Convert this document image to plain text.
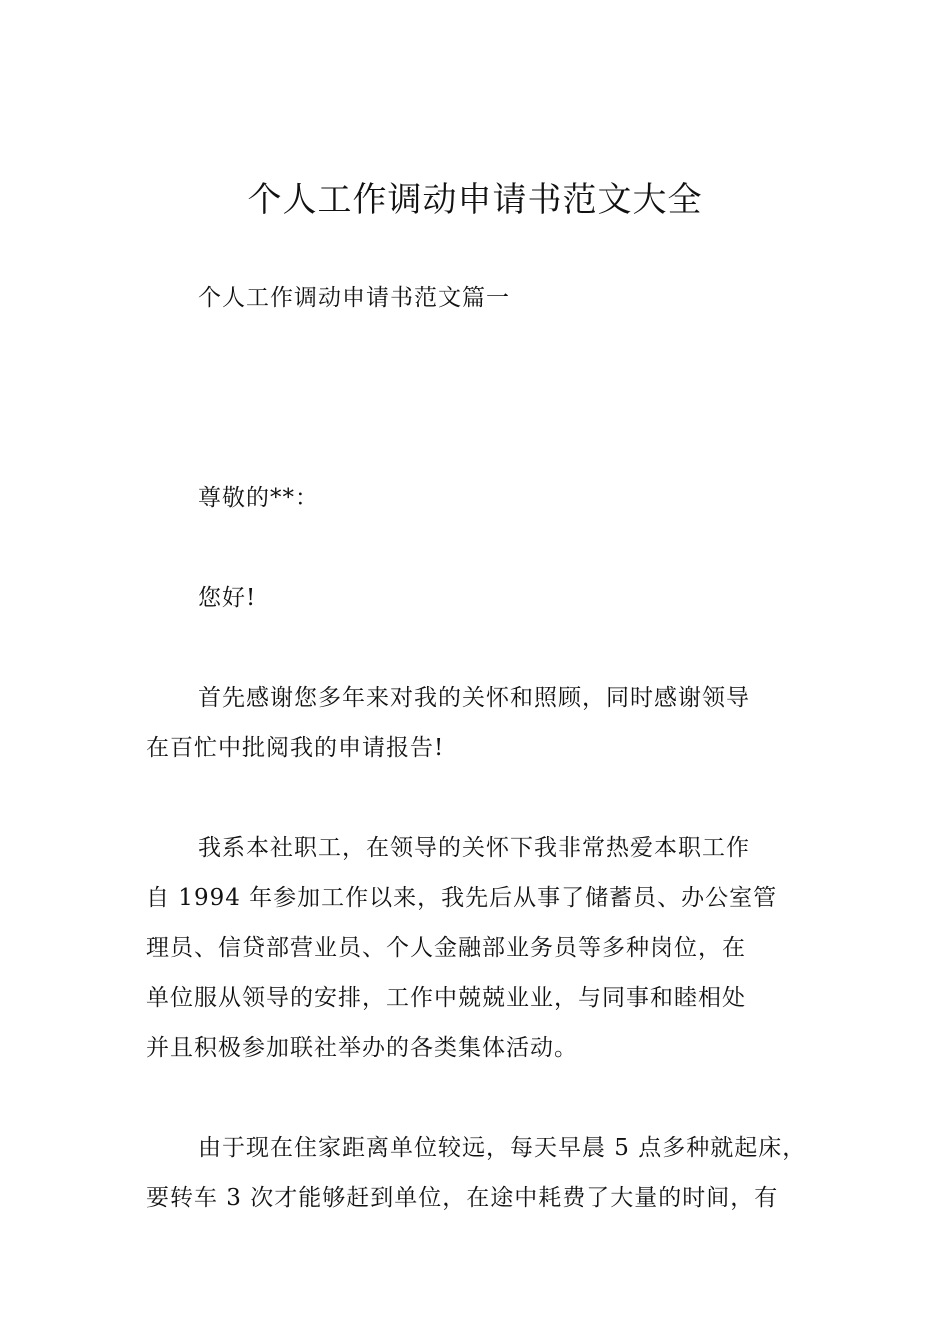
个人工作调动申请书范文大全
个人工作调动申请书范文篇一
尊敬的**：
您好!
首先感谢您多年来对我的关怀和照顾，同时感谢领导
在百忙中批阅我的申请报告!
我系本社职工，在领导的关怀下我非常热爱本职工作
自 1994 年参加工作以来，我先后从事了储蓄员、办公室管
理员、信贷部营业员、个人金融部业务员等多种岗位，在
单位服从领导的安排，工作中兢兢业业，与同事和睦相处
并且积极参加联社举办的各类集体活动。
由于现在住家距离单位较远，每天早晨 5 点多种就起床，
要转车 3 次才能够赶到单位，在途中耗费了大量的时间，有
